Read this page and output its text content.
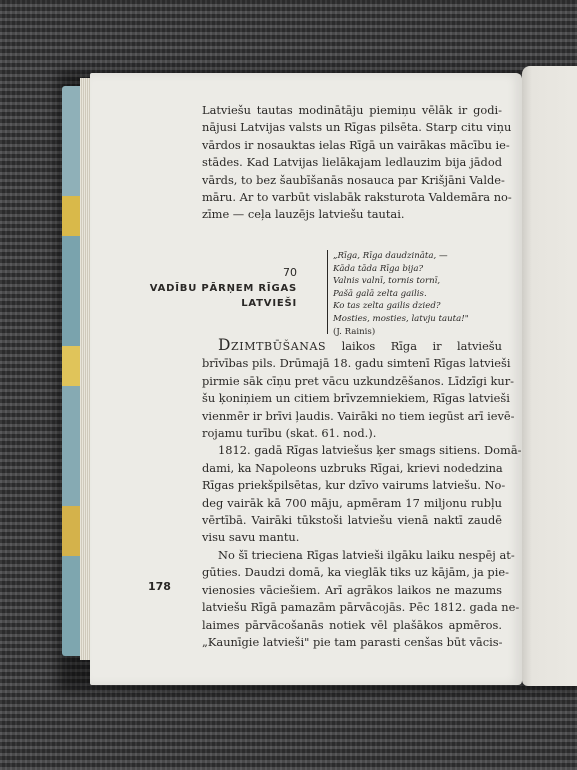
Latviešu tautas modinātāju piemiņu vēlāk ir godi-
nājusi Latvijas valsts un Rīgas pilsēta. Starp citu viņu
vārdos ir nosauktas ielas Rīgā un vairākas mācību ie-
stādes. Kad Latvijas lielākajam ledlauzim bija jādod
vārds, to bez šaubīšanās nosauca par Krišjāni Valde-
māru. Ar to varbūt vislabāk raksturota Valdemāra no-
zīme — ceļa lauzējs latviešu tautai.
70
VADĪBU PĀRŅEM RĪGAS
LATVIEŠI
„Rīga, Rīga daudzināta, —
Kāda tāda Rīga bija?
Valnis valnī, tornis tornī,
Pašā galā zelta gailis.
Ko tas zelta gailis dzied?
Mosties, mosties, latvju tauta!"
(J. Rainis)
Dzimtbūšanas laikos Rīga ir latviešu
brīvības pils. Drūmajā 18. gadu simtenī Rīgas latvieši
pirmie sāk cīņu pret vācu uzkundzēšanos. Līdzīgi kur-
šu ķoniņiem un citiem brīvzemniekiem, Rīgas latvieši
vienmēr ir brīvi ļaudis. Vairāki no tiem iegūst arī ievē-
rojamu turību (skat. 61. nod.).
1812. gadā Rīgas latviešus ķer smags sitiens. Domā-
dami, ka Napoleons uzbruks Rīgai, krievi nodedzina
Rīgas priekšpilsētas, kur dzīvo vairums latviešu. No-
deg vairāk kā 700 māju, apmēram 17 miljonu rubļu
vērtībā. Vairāki tūkstoši latviešu vienā naktī zaudē
visu savu mantu.
No šī trieciena Rīgas latvieši ilgāku laiku nespēj at-
gūties. Daudzi domā, ka vieglāk tiks uz kājām, ja pie-
vienosies vāciešiem. Arī agrākos laikos ne mazums
latviešu Rīgā pamazām pārvācojās. Pēc 1812. gada ne-
laimes pārvācošanās notiek vēl plašākos apmēros.
„Kaunīgie latvieši" pie tam parasti cenšas būt vācis-
178
